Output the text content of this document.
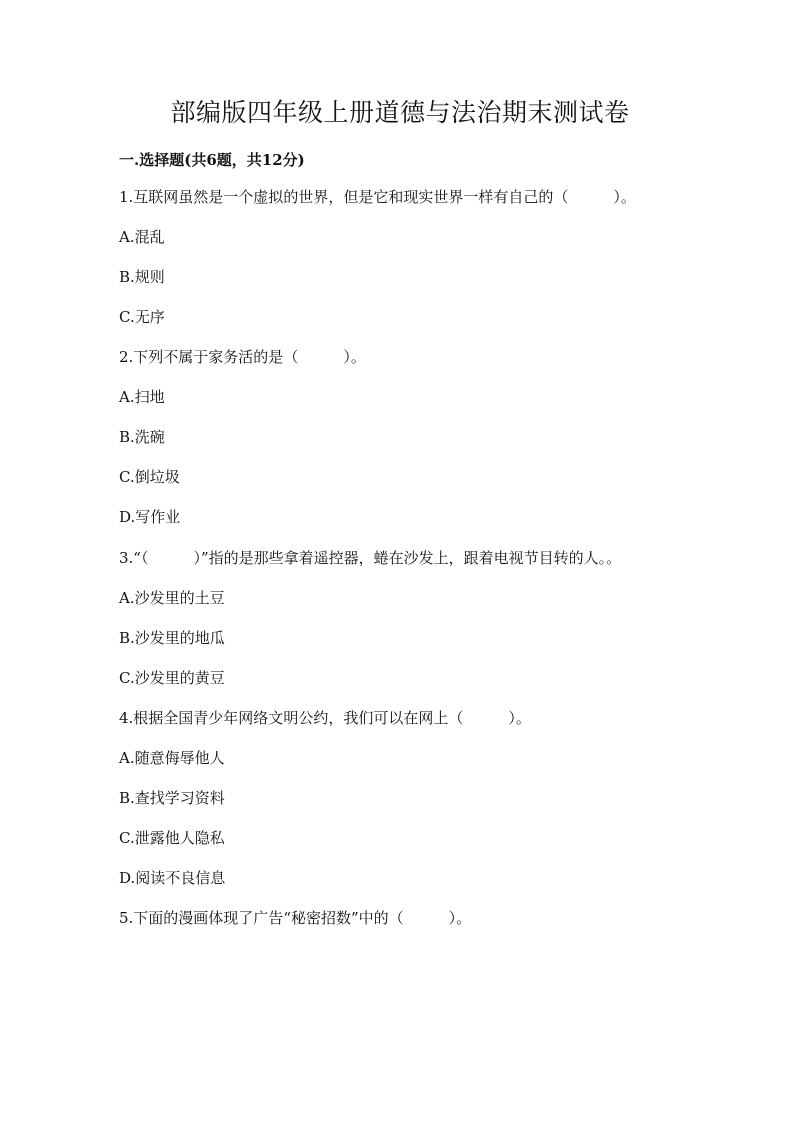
部编版四年级上册道德与法治期末测试卷
一.选择题(共6题，共12分)

1.互联网虽然是一个虚拟的世界，但是它和现实世界一样有自己的（　　　）。

A.混乱

B.规则

C.无序

2.下列不属于家务活的是（　　　）。

A.扫地

B.洗碗

C.倒垃圾

D.写作业

3.“（　　　）”指的是那些拿着遥控器，蜷在沙发上，跟着电视节目转的人。。

A.沙发里的土豆

B.沙发里的地瓜

C.沙发里的黄豆

4.根据全国青少年网络文明公约，我们可以在网上（　　　）。

A.随意侮辱他人

B.查找学习资料

C.泄露他人隐私

D.阅读不良信息

5.下面的漫画体现了广告“秘密招数”中的（　　　）。
